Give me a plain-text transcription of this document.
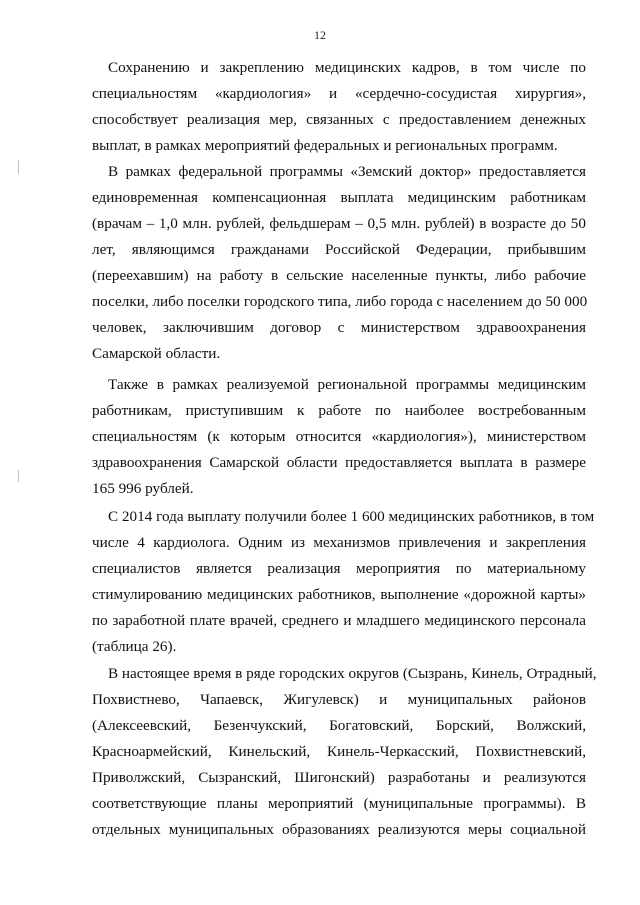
12
Сохранению и закреплению медицинских кадров, в том числе по
специальностям «кардиология» и «сердечно-сосудистая хирургия»,
способствует реализация мер, связанных с предоставлением денежных
выплат, в рамках мероприятий федеральных и региональных программ.
В рамках федеральной программы «Земский доктор» предоставляется
единовременная компенсационная выплата медицинским работникам
(врачам – 1,0 млн. рублей, фельдшерам – 0,5 млн. рублей) в возрасте до 50
лет, являющимся гражданами Российской Федерации, прибывшим
(переехавшим) на работу в сельские населенные пункты, либо рабочие
поселки, либо поселки городского типа, либо города с населением до 50 000
человек, заключившим договор с министерством здравоохранения
Самарской области.
Также в рамках реализуемой региональной программы медицинским
работникам, приступившим к работе по наиболее востребованным
специальностям (к которым относится «кардиология»), министерством
здравоохранения Самарской области предоставляется выплата в размере
165 996 рублей.
С 2014 года выплату получили более 1 600 медицинских работников, в том
числе 4 кардиолога. Одним из механизмов привлечения и закрепления
специалистов является реализация мероприятия по материальному
стимулированию медицинских работников, выполнение «дорожной карты»
по заработной плате врачей, среднего и младшего медицинского персонала
(таблица 26).
В настоящее время в ряде городских округов (Сызрань, Кинель, Отрадный,
Похвистнево, Чапаевск, Жигулевск) и муниципальных районов
(Алексеевский, Безенчукский, Богатовский, Борский, Волжский,
Красноармейский, Кинельский, Кинель-Черкасский, Похвистневский,
Приволжский, Сызранский, Шигонский) разработаны и реализуются
соответствующие планы мероприятий (муниципальные программы). В
отдельных муниципальных образованиях реализуются меры социальной
